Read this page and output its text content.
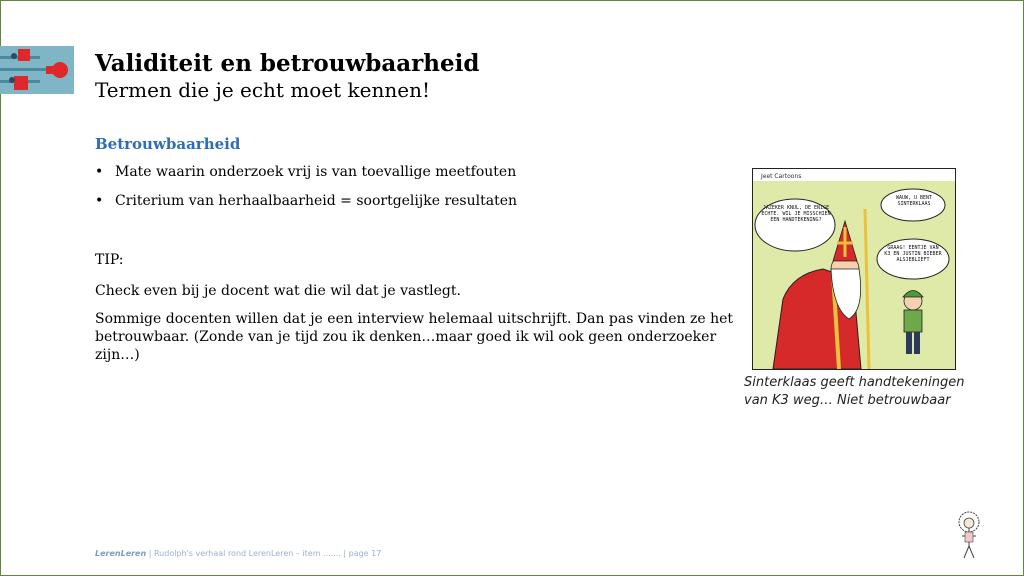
Validiteit en betrouwbaarheid
Termen die je echt moet kennen!
Betrouwbaarheid
• Mate waarin onderzoek vrij is van toevallige meetfouten
• Criterium van herhaalbaarheid = soortgelijke resultaten
TIP:
Check even bij je docent wat die wil dat je vastlegt.
Sommige docenten willen dat je een interview helemaal uitschrijft. Dan pas vinden ze het betrouwbaar. (Zonde van je tijd zou ik denken…maar goed ik wil ook geen onderzoeker zijn…)
Jeet Cartoons
JAZEKER KNUL, DE ENIGE ECHTE. WIL JE MISSCHIEN EEN HANDTEKENING?
WAUW, U BENT SINTERKLAAS
GRAAG! EENTJE VAN K3 EN JUSTIN BIEBER ALSJEBLIEFT
Sinterklaas geeft handtekeningen
van K3 weg… Niet betrouwbaar
LerenLeren | Rudolph's verhaal rond LerenLeren – item ....... | page 17
